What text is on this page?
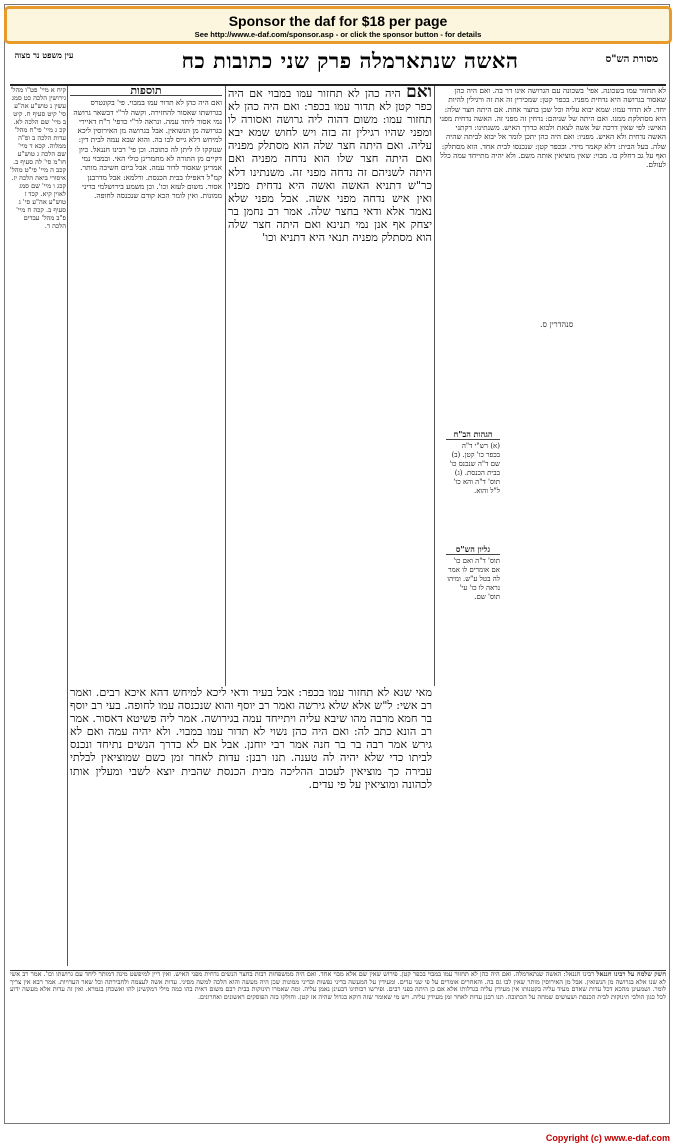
Sponsor the daf for $18 per page
See http://www.e-daf.com/sponsor.asp - or click the sponsor button - for details
האשה שנתארמלה פרק שני כתובות כח	מסורת הש"ס
עין משפט נר מצוה
לא תחזור עמו בשכונה. אפי' בשכונה עם הגרושה אינו דר בה. ואם היה כהן שאסור בגרושה היא נדחית מפניו. בכפר קטן: שמכירין זה את זה ורגילין להיות יחד. לא תדור עמו: שמא יבוא עליה וכל שכן בחצר אחת. אם היתה חצר שלה: היא מסתלקת ממנו. ואם היתה של שניהם: נדחין זה מפני זה. האשה נדחית מפני האיש: לפי שאין דרכה של אשה לצאת ולבוא כדרך האיש. משנתינו: דקתני האשה נדחית ולא האיש. מפניו: ואם היה כהן יתכן לומר אל יבוא לביתה שהיה שלה. בעל הבית: דלא קאמר מידי. ובכפר קטן: שנכנסו לבית אחד. הוא מסתלק: ואף על גב דחלק בו. מבוי: שאין מוציאין אותה משם. ולא יהיה מתייחד עמה כלל לעולם.
ואם היה כהן לא תחזור עמו במבוי אם היה כפר קטן לא תדור עמו בכפר: ואם היה כהן לא תחזור עמו: משום דהוה ליה גרושה ואסורה לו ומפני שהיו רגילין זה בזה ויש לחוש שמא יבא עליה. ואם היתה חצר שלה הוא מסתלק מפניה ואם היתה חצר שלו הוא נדחה מפניה ואם היתה לשניהם זה נדחה מפני זה. משנתינו דלא כר"ש דתניא האשה ואשה היא נדחית מפניו ואין איש נדחה מפני אשה. אבל מפני שלא נאמר אלא ודאי בחצר שלה. אמר רב נחמן בר יצחק אף אנן נמי תנינא ואם היתה חצר שלה הוא מסתלק מפניה תנאי היא דתניא וכו'
תוספות
ואם היה כהן לא תדור עמו במבוי. פי' בקונטרס בגרושתו שאסור להחזירה. וקשה לר"י דבשאר גרושה נמי אסור ליחד עמה. ונראה לר"י כדפי' ר"ח דאיירי בגרושה מן הנשואין. אבל בגרושה מן האירוסין ליכא למיחש דלא גייס לבו בה. והוא שבא עמה לבית דין: שנזקקו לו ליתן לה כתובה. וכן פי' רבינו חננאל. כיון דקיים מן התורה לא מחמרינן כולי האי. ובמבוי נמי אמרינן שאסור לדור עמה. אבל ביום חשיכה מותר. קמ"ל דאפילו בבית הכנסת. ורלמא: אבל מדרבנן אסור. משום לעזא וכו'. וכן משמע בירושלמי בדיני ממונות. ואין לומר הכא קודם שנכנסה לחופה.
קיח א מיי' פט"ו מהל' גירושין הלכה כט סמג עשין נ טוש"ע אה"ע סי' קיט סעיף ח. קיט ב מיי' שם הלכה לא. קכ ג מיי' פי"ח מהל' עדות הלכה ב ופ"ה ממלוה. קכא ד מיי' שם הלכה ג טוש"ע חו"מ סי' לה סעיף ב. קכב ה מיי' פי"ט מהל' איסורי ביאה הלכה יז. קכג ו מיי' שם סמג לאוין קיא. קכד ז טוש"ע אה"ע סי' ג סעיף ב. קכה ח מיי' פ"ב מהל' עבדים הלכה ד.
מאי שנא לא תחזור עמו בכפר: אבל בעיר ודאי ליכא למיחש דהא איכא רבים. ואמר רב אשי: ל"ש אלא שלא גירשה ואמר רב יוסף והוא שנכנסה עמו לחופה. בעי רב יוסף בר חמא מרבה מהו שיבא עליה ויתייחד עמה בגירושה. אמר ליה פשיטא דאסור. אמר רב הונא כתב לה: ואם היה כהן נשוי לא תדור עמו במבוי. ולא יהיה עמה ואם לא גירש אמר רבה בר בר חנה אמר רבי יוחנן. אבל אם לא כדרך הנשים נתיחד ונכנס לביתו כדי שלא יהיה לה טענה. תנו רבנן: עדות לאחר זמן כשם שמוציאין לבלתי עבירה כך מוציאין לעכוב ההליכה מבית הכנסת שהבית יוצא לשבי ומעלין אותו לכהונה ומוציאין על פי עדים.
הגהות הב"ח
(א) רש"י ד"ה בכפר כו' קטן. (ב) שם ד"ה שנכנס כו' בבית הכנסת. (ג) תוס' ד"ה והא כו' ל"ל והוא.
גליון הש"ס
תוס' ד"ה ואם כו' אם אומרים לו אמר לה בטל ע"ש. ומיהו נראה לו כו' עי' תוס' שם.
סנהדרין ס.
חשק שלמה על רבינו חננאל רבינו חננאל: האשה שנתארמלה. ואם היה כהן לא תחזור עמו במבוי בכפר קטן. פירוש שאין שם אלא מבוי אחד. ואם היה ממשפחות רבות בחצר הנשים נדחית מפני האיש. ואין דיין למיפשט מינה דמותר ליחד עם גרושתו וכו'. אמר רב אשי לא שנו אלא בגרושה מן הנשואין. אבל מן האירוסין מותר שאין לבו גס בה. והאחרים אומרים על פי שני עדים. ומעידין על המעשה בדיני נפשות ובדיני ממונות שכן היה מעשה והוא הלכה למשה מסיני. עדות אשה לעצמה ולחבירתה וכל שאר העדויות. אמר רבא אין צריך לומר. ושמעינן מהכא דכל עדות שאדם מעיד עליה בקטנותו אין מעידין עליה בגדלותו אלא אם כן היתה בפני רבים. ופירשו רבותינו דבעינן נאמן עליה. ומה שאמרו תינוקות בבית רבם משום דאית בהו כמה מילי דמקשינן להו ואשכחן בגמרא. ואין זה עדות אלא מעשה ידוע לכל כגון הולכי תינוקות לבית הכנסת ושעושים שמחה על הכתובה. תנו רבנן עדות לאחר זמן מעידין עליה. ויש מי שאומר שזה דוקא בגדול שהיה אז קטן. וחולקו בזה הפוסקים ראשונים ואחרונים.
Copyright (c) www.e-daf.com
